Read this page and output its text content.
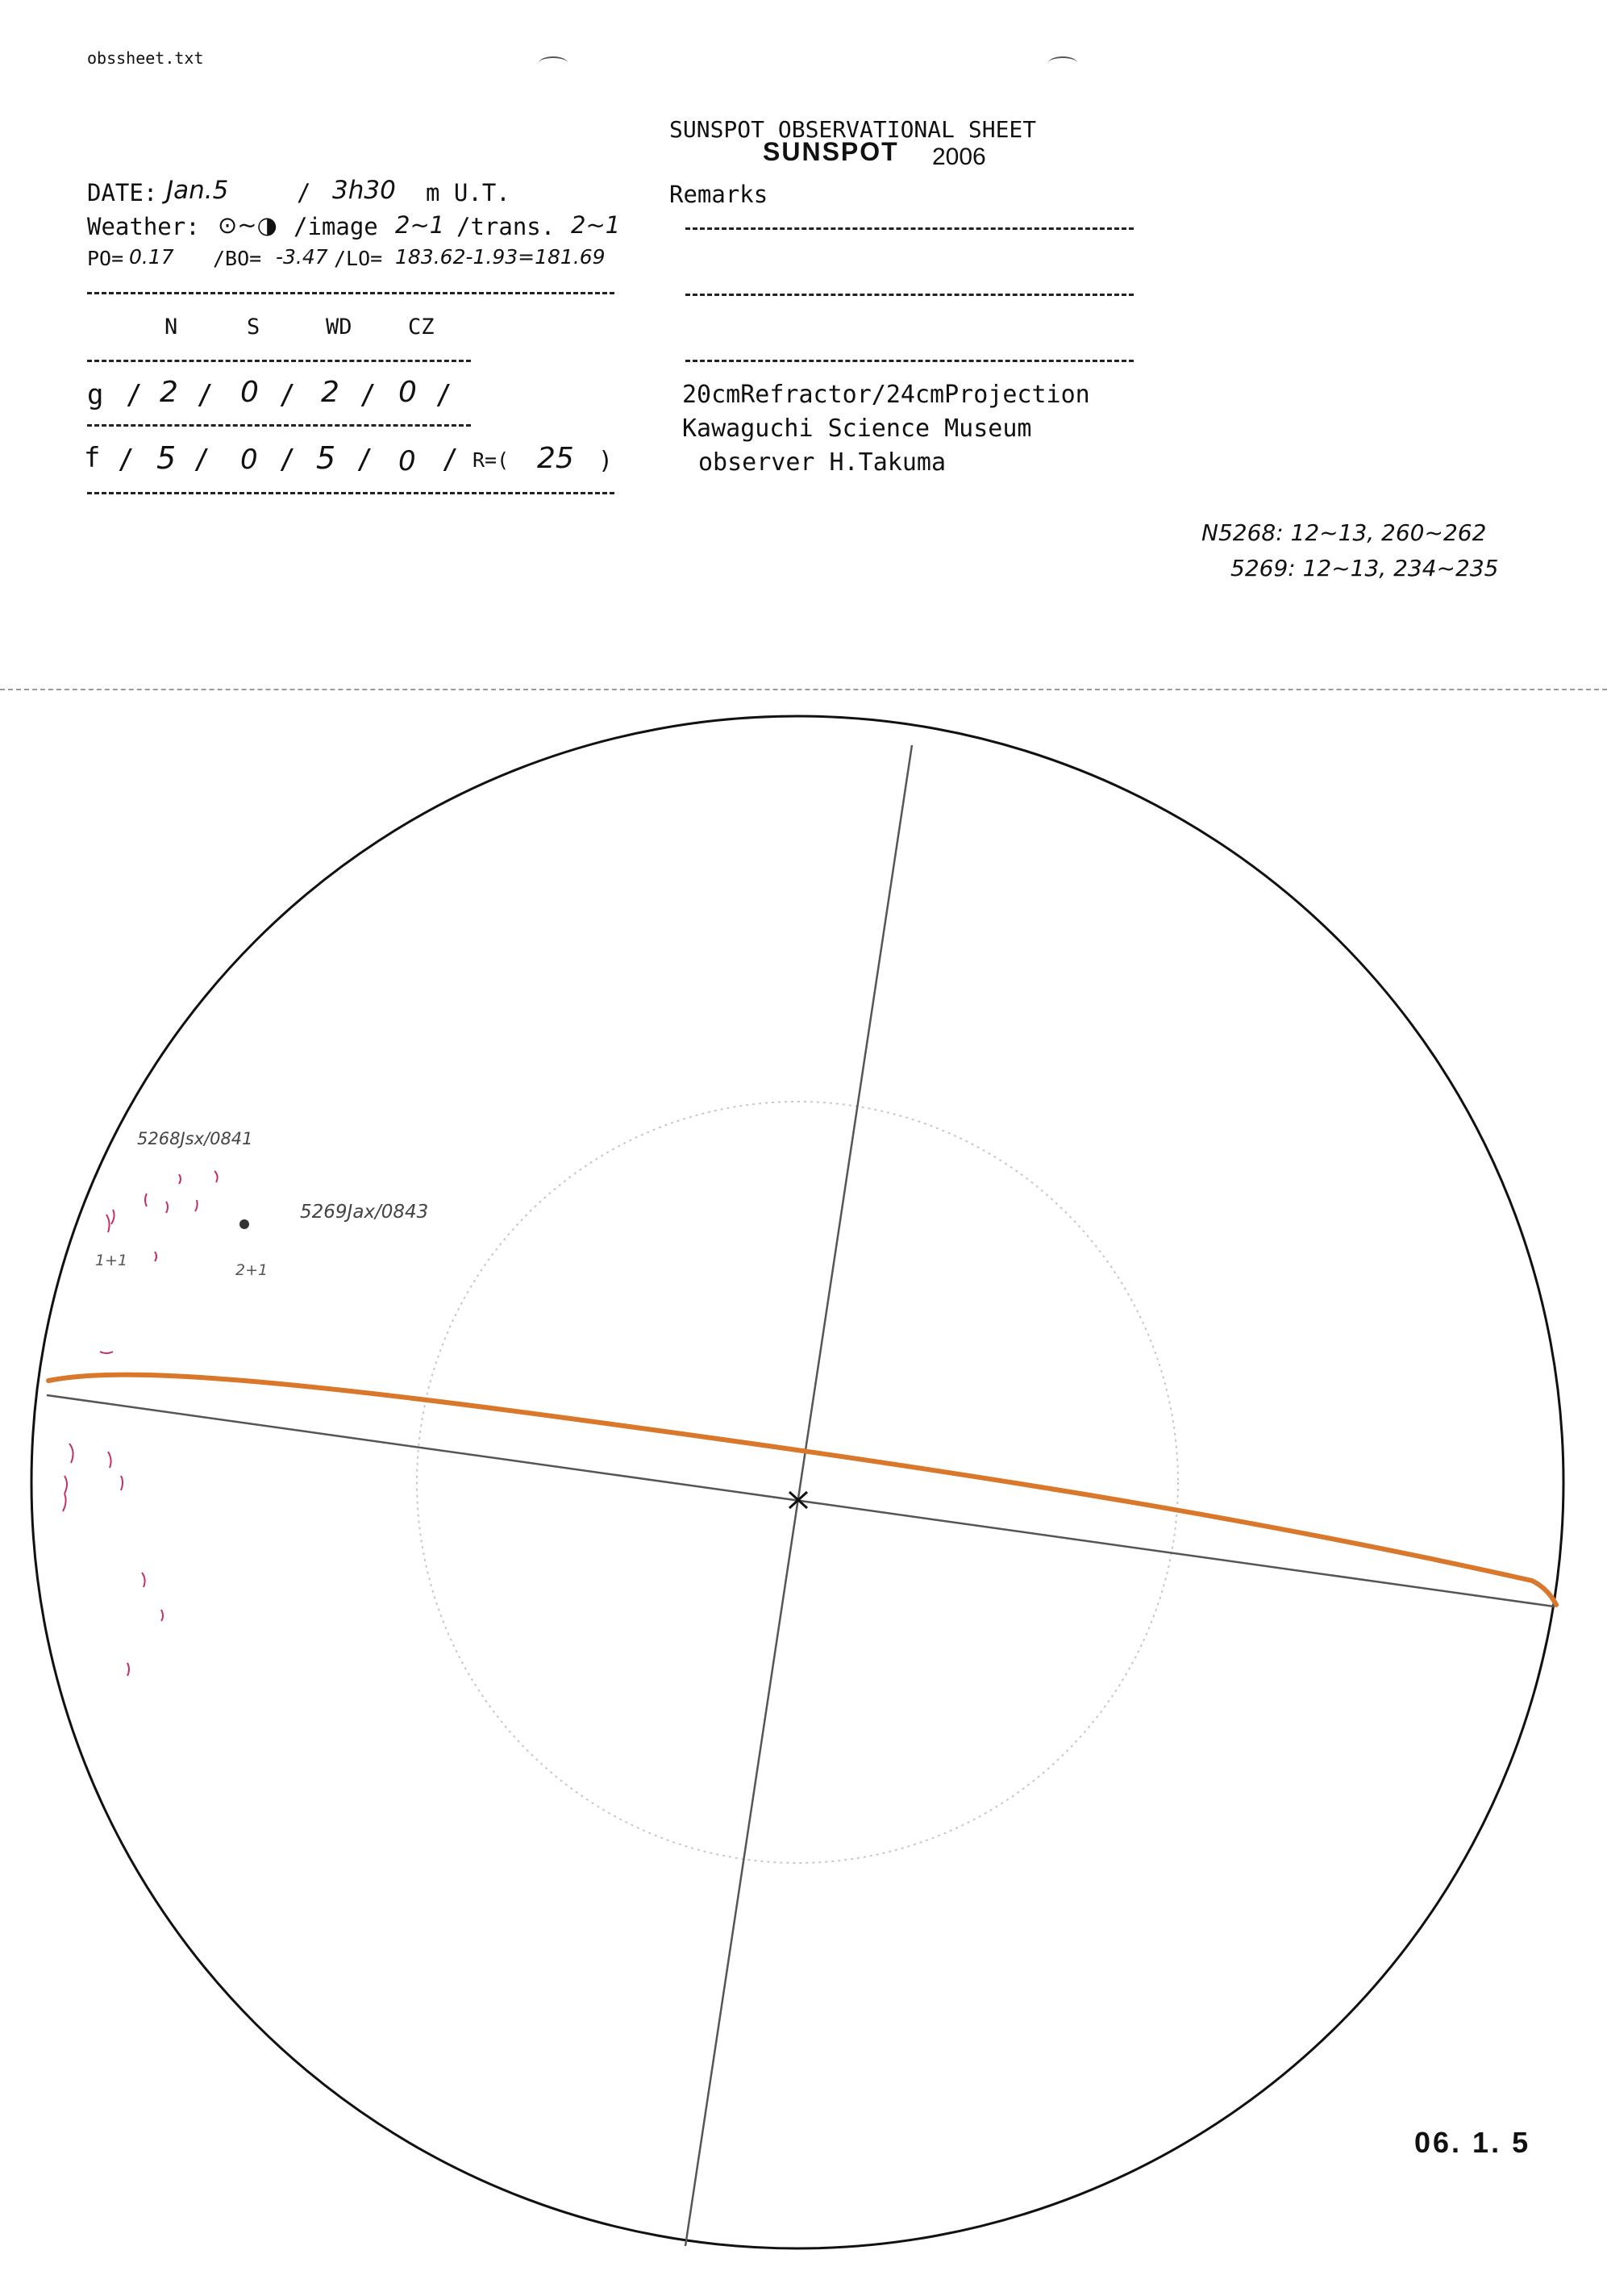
obssheet.txt
SUNSPOT OBSERVATIONAL SHEET
SUNSPOT 2006
DATE: Jan.5	/ 3h30 m U.T.
Weather: ⊙~◑ /image 2~1 /trans. 2~1
PO= 0.17 /BO= -3.47 /LO= 183.62-1.93=181.69
N	S	WD	CZ
g / 2 / 0 / 2 / 0 /
f / 5 / 0 / 5 / 0 / R=( 25 )
Remarks
20cmRefractor/24cmProjection
Kawaguchi Science Museum
observer H.Takuma
N5268: 12~13, 260~262
5269: 12~13, 234~235
5268Jsx/0841
5269Jax/0843
1+1
2+1
06. 1. 5
